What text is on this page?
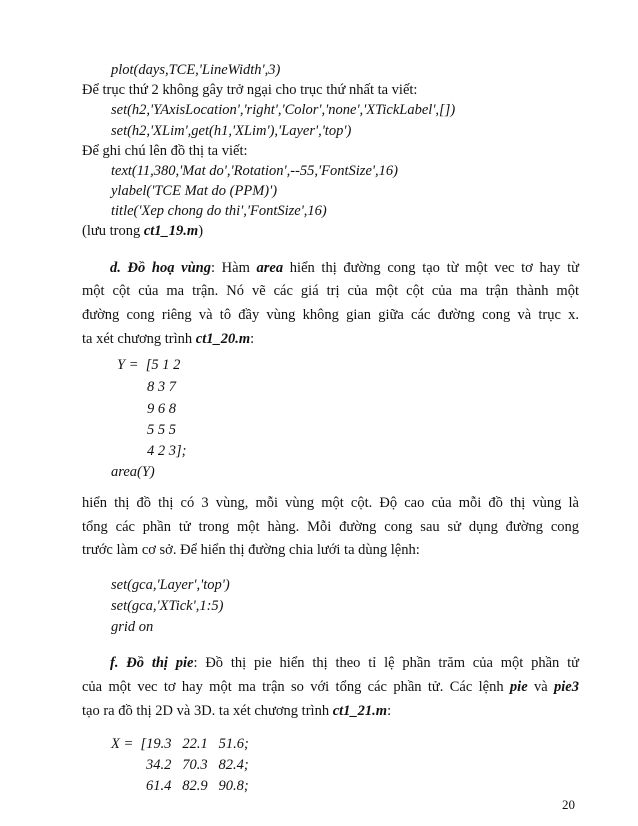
plot(days,TCE,'LineWidth',3)
Để trục thứ 2 không gây trở ngại cho trục thứ nhất ta viết:
set(h2,'YAxisLocation','right','Color','none','XTickLabel',[])
set(h2,'XLim',get(h1,'XLim'),'Layer','top')
Để ghi chú lên đồ thị ta viết:
text(11,380,'Mat do','Rotation',--55,'FontSize',16)
ylabel('TCE Mat do (PPM)')
title('Xep chong do thi','FontSize',16)
(lưu trong ct1_19.m)
d. Đồ hoạ vùng: Hàm area hiển thị đường cong tạo từ một vec tơ hay từ
một cột của ma trận. Nó vẽ các giá trị của một cột của ma trận thành một
đường cong riêng và tô đầy vùng không gian giữa các đường cong và trục x.
ta xét chương trình ct1_20.m:
Y =  [5 1 2
8 3 7
9 6 8
5 5 5
4 2 3];
area(Y)
hiển thị đồ thị có 3 vùng, mỗi vùng một cột. Độ cao của mỗi đồ thị vùng là
tổng các phần tử trong một hàng. Mỗi đường cong sau sử dụng đường cong
trước làm cơ sở. Để hiển thị đường chia lưới ta dùng lệnh:
set(gca,'Layer','top')
set(gca,'XTick',1:5)
grid on
f. Đồ thị pie: Đồ thị pie hiển thị theo tỉ lệ phần trăm của một phần tử
của một vec tơ hay một ma trận so với tổng các phần tử. Các lệnh pie và pie3
tạo ra đồ thị 2D và 3D. ta xét chương trình ct1_21.m:
X =  [19.3   22.1   51.6;
34.2   70.3   82.4;
61.4   82.9   90.8;
20
